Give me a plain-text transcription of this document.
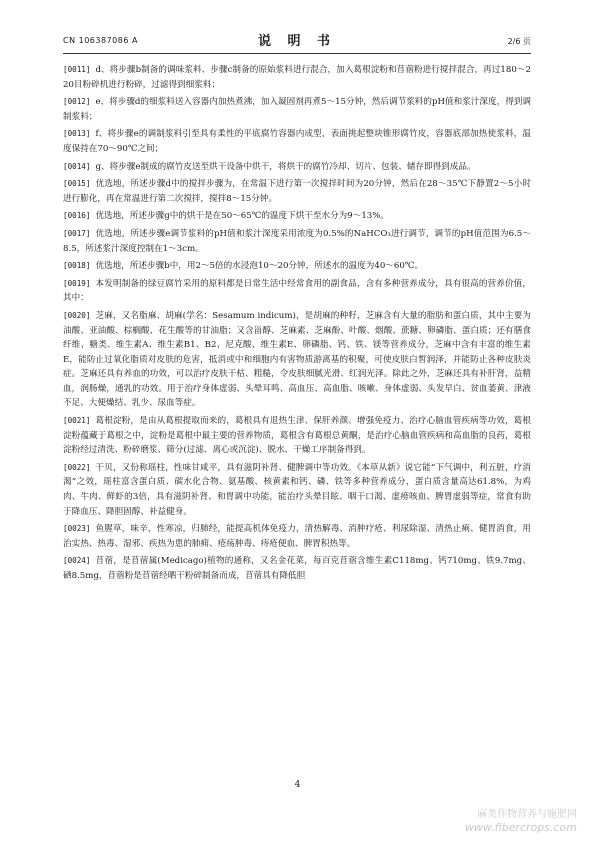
CN 106387086 A	说 明 书	2/6 页

[0011] d、将步骤b制备的调味浆料、步骤c制备的原始浆料进行混合，加入葛根淀粉和苜蓿粉进行搅拌混合，再过180～220目粉碎机进行粉碎，过滤得到细浆料；

[0012] e、将步骤d的细浆料送入容器内加热煮沸，加入凝固剂再煮5～15分钟，然后调节浆料的pH值和浆汁深度，得到调制浆料；

[0013] f、将步骤e的调制浆料引至具有柔性的平底腐竹容器内成型，表面挑起整块锥形腐竹皮，容器底部加热使浆料，温度保持在70～90℃之间；

[0014] g、将步骤e制成的腐竹皮送至烘干设备中烘干，将烘干的腐竹冷却、切片、包装、储存即得到成品。

[0015] 优选地，所述步骤d中的搅拌步骤为，在常温下进行第一次搅拌时间为20分钟，然后在28～35℃下静置2～5小时进行膨化，再在常温进行第二次搅拌，搅拌8～15分钟。

[0016] 优选地，所述步骤g中的烘干是在50～65℃的温度下烘干至水分为9～13%。

[0017] 优选地，所述步骤e调节浆料的pH值和浆汁深度采用浓度为0.5%的NaHCO₃进行调节，调节的pH值范围为6.5～8.5，所述浆汁深度控制在1～3cm。

[0018] 优选地，所述步骤b中，用2～5倍的水浸泡10～20分钟，所述水的温度为40～60℃。

[0019] 本发明制备的绿豆腐竹采用的原料都是日常生活中经常食用的副食品，含有多种营养成分，具有很高的营养价值，其中：

[0020] 芝麻，又名脂麻、胡麻(学名：Sesamum indicum)，是胡麻的种籽，芝麻含有大量的脂肪和蛋白质，其中主要为油酸、亚油酸、棕榈酸、花生酸等的甘油脂；又含甾醇、芝麻素、芝麻酚、叶酸、烟酸、蔗糖、卵磷脂、蛋白质；还有膳食纤维、糖类、维生素A、维生素B1、B2、尼克酸、维生素E、卵磷脂、钙、铁、镁等营养成分，芝麻中含有丰富的维生素E，能防止过氧化脂质对皮肤的危害，抵消或中和细胞内有害物质游离基的积聚，可使皮肤白皙润泽，并能防止各种皮肤炎症。芝麻还具有养血的功效，可以治疗皮肤干枯、粗糙，令皮肤细腻光滑、红润光泽。除此之外，芝麻还具有补肝肾，益精血，润肠燥，通乳的功效。用于治疗身体虚弱、头晕耳鸣、高血压、高血脂、咳嗽、身体虚弱、头发早白、贫血萎黄、津液不足、大便燥结、乳少、尿血等症。

[0021] 葛根淀粉，是由从葛根提取而来的，葛根具有退热生津、保肝养颜、增强免疫力、治疗心脑血管疾病等功效，葛根淀粉蕴藏于葛根之中，淀粉是葛根中最主要的营养物质，葛根含有葛根总黄酮，是治疗心脑血管疾病和高血脂的良药，葛根淀粉经过清洗、粉碎磨浆、筛分(过滤、离心或沉淀)、脱水、干燥工序制备得到。

[0022] 干贝，又份称瑶柱，性味甘咸平，具有滋阴补肾、健脾调中等功效。《本草从新》说它能“下气调中，利五脏，疗消渴”之效，瑶柱富含蛋白质、碳水化合物、氨基酸、核黄素和钙、磷、铁等多种营养成分，蛋白质含量高达61.8%，为鸡肉、牛肉、鲜虾的3倍，具有滋阴补肾、和胃调中功能，能治疗头晕目眩、咽干口渴、虚痨咳血、脾胃虚弱等症，常食有助于降血压、降胆固醇、补益健身。

[0023] 鱼腥草，味辛，性寒凉，归肺经，能提高机体免疫力，清热解毒、消肿疗疮、利尿除湿、清热止痢、健胃消食，用治实热、热毒、湿邪、疾热为患的肺痈、疮疡肿毒、痔疮便血、脾胃积热等。

[0024] 苜蓿，是苜蓿属(Medicago)植物的通称，又名金花菜，每百克苜蓿含维生素C118mg、钙710mg、铁9.7mg、硒8.5mg，苜蓿粉是苜蓿经晒干粉碎制备而成，苜蓿具有降低胆

4
麻类作物营养与施肥网
www.fibercrops.com
